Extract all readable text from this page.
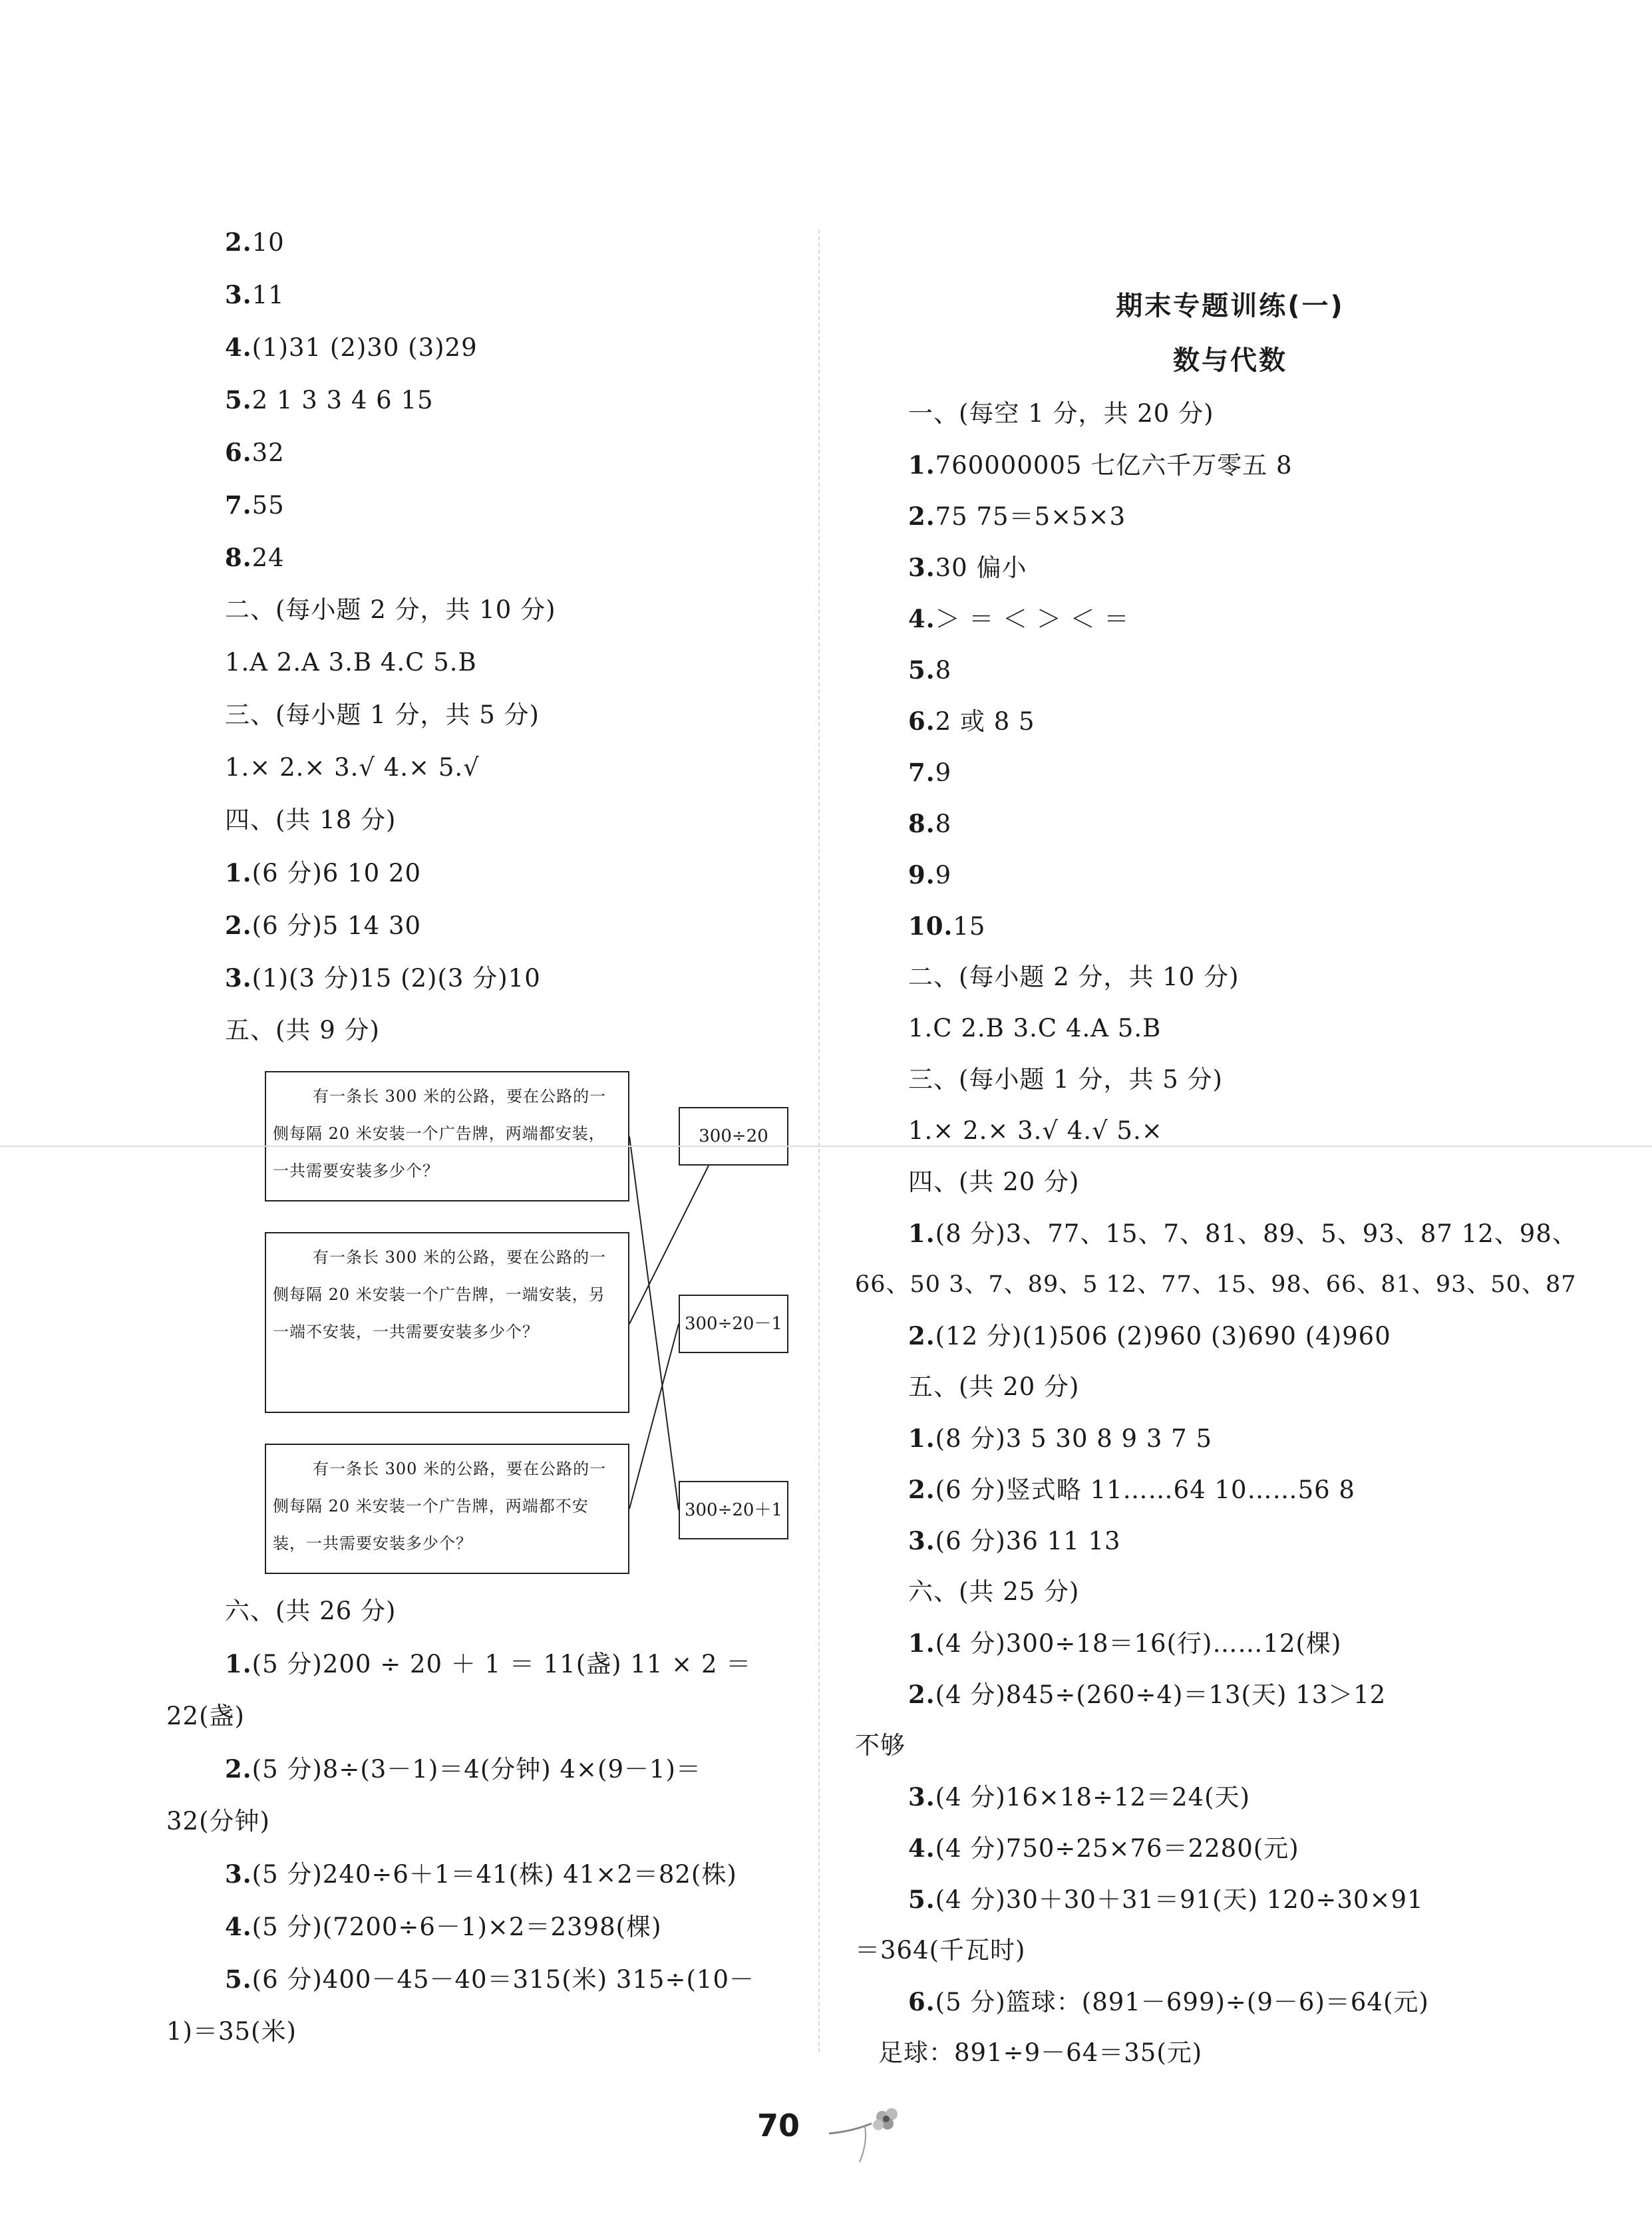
2.10
3.11
4.(1)31 (2)30 (3)29
5.2 1 3 3 4 6 15
6.32
7.55
8.24
二、(每小题 2 分，共 10 分)
1.A 2.A 3.B 4.C 5.B
三、(每小题 1 分，共 5 分)
1.× 2.× 3.√ 4.× 5.√
四、(共 18 分)
1.(6 分)6 10 20
2.(6 分)5 14 30
3.(1)(3 分)15 (2)(3 分)10
五、(共 9 分)
有一条长 300 米的公路，要在公路的一侧每隔 20 米安装一个广告牌，两端都安装，一共需要安装多少个？
有一条长 300 米的公路，要在公路的一侧每隔 20 米安装一个广告牌，一端安装，另一端不安装，一共需要安装多少个？
有一条长 300 米的公路，要在公路的一侧每隔 20 米安装一个广告牌，两端都不安装，一共需要安装多少个？
300÷20
300÷20－1
300÷20＋1
六、(共 26 分)
1.(5 分)200 ÷ 20 ＋ 1 ＝ 11(盏) 11 × 2 ＝
22(盏)
2.(5 分)8÷(3－1)＝4(分钟) 4×(9－1)＝
32(分钟)
3.(5 分)240÷6＋1＝41(株) 41×2＝82(株)
4.(5 分)(7200÷6－1)×2＝2398(棵)
5.(6 分)400－45－40＝315(米) 315÷(10－
1)＝35(米)
期末专题训练(一)
数与代数
一、(每空 1 分，共 20 分)
1.760000005 七亿六千万零五 8
2.75 75＝5×5×3
3.30 偏小
4.＞ ＝ ＜ ＞ ＜ ＝
5.8
6.2 或 8 5
7.9
8.8
9.9
10.15
二、(每小题 2 分，共 10 分)
1.C 2.B 3.C 4.A 5.B
三、(每小题 1 分，共 5 分)
1.× 2.× 3.√ 4.√ 5.×
四、(共 20 分)
1.(8 分)3、77、15、7、81、89、5、93、87 12、98、
66、50 3、7、89、5 12、77、15、98、66、81、93、50、87
2.(12 分)(1)506 (2)960 (3)690 (4)960
五、(共 20 分)
1.(8 分)3 5 30 8 9 3 7 5
2.(6 分)竖式略 11……64 10……56 8
3.(6 分)36 11 13
六、(共 25 分)
1.(4 分)300÷18＝16(行)……12(棵)
2.(4 分)845÷(260÷4)＝13(天) 13＞12
不够
3.(4 分)16×18÷12＝24(天)
4.(4 分)750÷25×76＝2280(元)
5.(4 分)30＋30＋31＝91(天) 120÷30×91
＝364(千瓦时)
6.(5 分)篮球：(891－699)÷(9－6)＝64(元)
足球：891÷9－64＝35(元)
70
